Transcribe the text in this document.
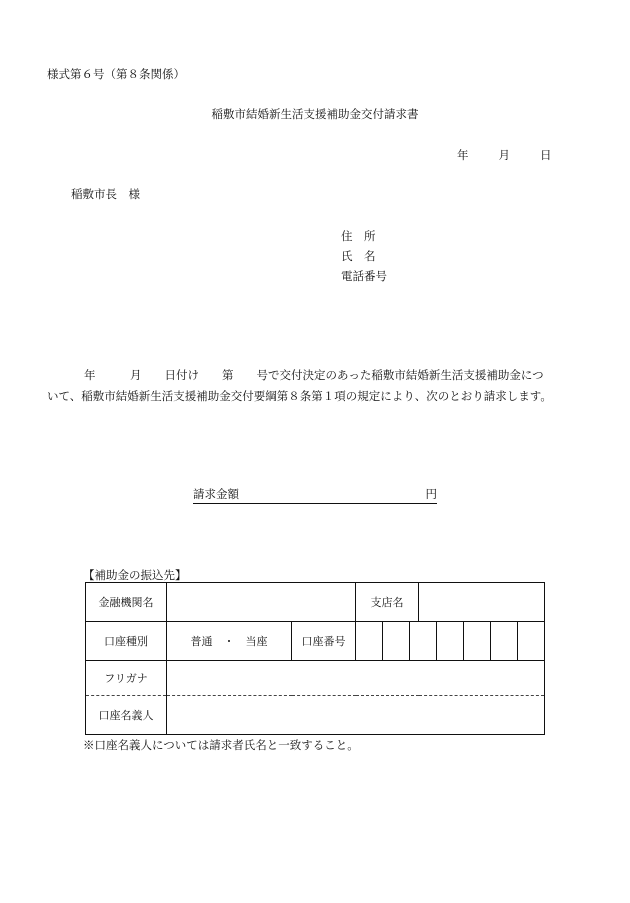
様式第６号（第８条関係）
稲敷市結婚新生活支援補助金交付請求書
年	月	日
稲敷市長　様
住　所
氏　名
電話番号
年　　　月　　日付け　　第　　号で交付決定のあった稲敷市結婚新生活支援補助金につ
いて、稲敷市結婚新生活支援補助金交付要綱第８条第１項の規定により、次のとおり請求します。
請求金額	円
【補助金の振込先】
金融機関名			支店名	
口座種別	普通　・　当座	口座番号		

フリガナ				
口座名義人				
※口座名義人については請求者氏名と一致すること。
